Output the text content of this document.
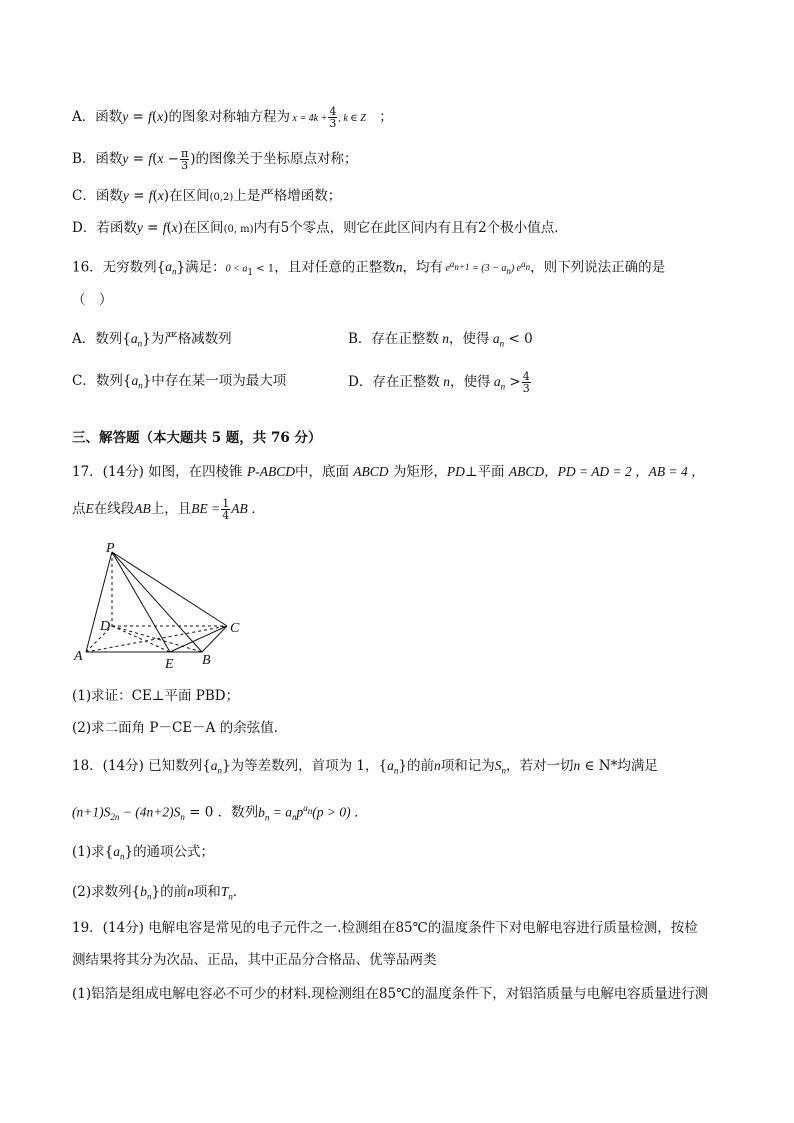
A．函数y = f(x)的图象对称轴方程为 $x = 4k + \frac{4}{3}$ , k ∈ Z　；
B．函数$y = f(x - \frac{\pi}{3}$ )的图像关于坐标原点对称；
C．函数y = f(x)在区间(0,2)上是严格增函数；
D．若函数y = f(x)在区间(0, m)内有5个零点，则它在此区间内有且有2个极小值点．
16．无穷数列$\{a_n\}$满足：$0 < a_1 < 1$，且对任意的正整数n，均有 $e^{a_{n+1}} = (3 - a_n)$ $e^{a_n}$，则下列说法正确的是
（　）
A．数列$\{a_n\}$为严格减数列	B．存在正整数 n，使得 $a_n < 0$
C．数列$\{a_n\}$中存在某一项为最大项	D．存在正整数 n，使得 $a_n > \frac{4}{3}$
三、解答题（本大题共 5 题，共 76 分）
17．(14分) 如图，在四棱锥 P-ABCD中，底面 ABCD 为矩形，PD⊥平面 ABCD，PD = AD = 2 ，AB = 4 ，
点E在线段AB上，且BE = $\frac{1}{4}$ AB ．
P
D	C
A
E B
(1)求证：CE⊥平面 PBD；
(2)求二面角 P－CE－A 的余弦值．
18．(14分) 已知数列$\{a_n\}$为等差数列，首项为 1，$\{a_n\}$的前n项和记为$S_n$，若对一切n ∈ N*均满足
$(n+1)S_{2n} - (4n+2)S_n = 0$ ．数列$b_n = a_np^{a_n}(p > 0)$ ．
(1)求$\{a_n\}$的通项公式；
(2)求数列$\{b_n\}$的前n项和$T_n$．
19．(14分) 电解电容是常见的电子元件之一.检测组在85℃的温度条件下对电解电容进行质量检测，按检
测结果将其分为次品、正品，其中正品分合格品、优等品两类
(1)铝箔是组成电解电容必不可少的材料.现检测组在85℃的温度条件下，对铝箔质量与电解电容质量进行测
